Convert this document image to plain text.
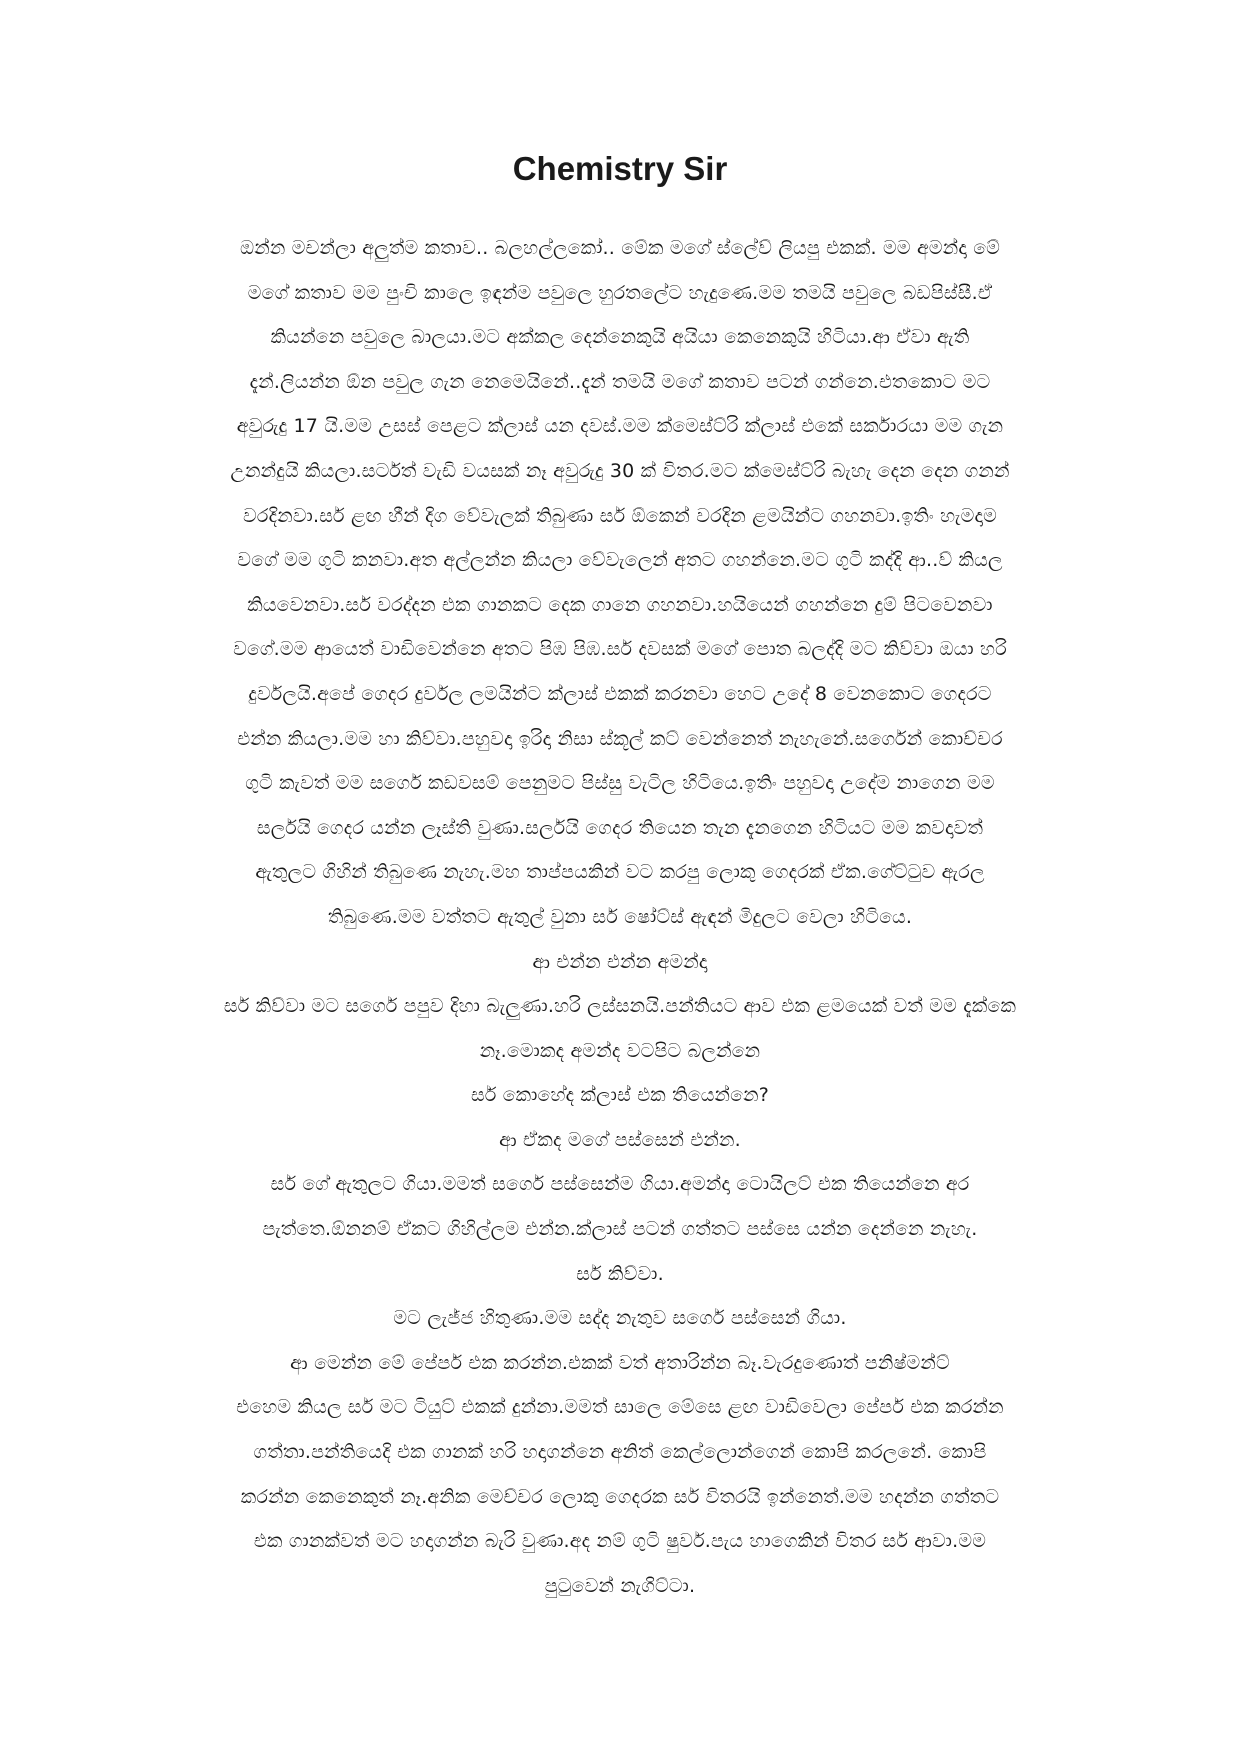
Chemistry Sir
ඔන්න මචන්ලා අලුත්ම කතාව.. බලහල්ලකෝ.. මේක මගේ ස්ලේව් ලියපු එකක්. මම අමන්දා මේ
මගේ කතාව මම පුංචි කාලෙ ඉඳන්ම පවුලෙ හුරතලේට හැදුණෙ.මම තමයි පවුලෙ බඩපිස්සී.ඒ
කියන්නෙ පවුලෙ බාලයා.මට අක්කල දෙන්නෙකුයි අයියා කෙනෙකුයි හිටියා.ආ ඒවා ඇති
දැන්.ලියන්න ඕන පවුල ගැන නෙමෙයිනේ..දැන් තමයි මගේ කතාව පටන් ගන්නෙ.එතකොට මට
අවුරුදු 17 යි.මම උසස් පෙළට ක්ලාස් යන දවස්.මම ක්මෙස්ට්රි ක්ලාස් එකේ සර්කාරයා මම ගැන
උනන්දුයි කියලා.සර්ටත් වැඩි වයසක් නෑ අවුරුදු 30 ක් විතර.මට ක්මෙස්ට්රි බැහැ දෙන දෙන ගනන්
වරදිනවා.සර් ළඟ හීන් දිග වේවැලක් තිබුණා සර් ඕකෙන් වරදින ළමයින්ට ගහනවා.ඉතිං හැමදාම
වගේ මම ගුටි කනවා.අත අල්ලන්න කියලා වේවැලෙන් අතට ගහන්නෙ.මට ගුටි කද්දි ආ..ව් කියල
කියවෙනවා.සර් වරද්දන එක ගානකට දෙක ගානෙ ගහනවා.හයියෙන් ගහන්නෙ දුම් පිටවෙනවා
වගේ.මම ආයෙත් වාඩිවෙන්නෙ අතට පිඹ පිඹ.සර් දවසක් මගේ පොත බලද්දි මට කිව්වා ඔයා හරි
දුර්වලයි.අපේ ගෙදර දුර්වල ලමයින්ට ක්ලාස් එකක් කරනවා හෙට උදේ 8 වෙනකොට ගෙදරට
එන්න කියලා.මම හා කිව්වා.පහුවදා ඉරිදා නිසා ස්කූල් කට් වෙන්නෙත් නැහැනේ.සර්ගෙන් කොච්චර
ගුටි කැවත් මම සර්ගෙ කඩවසම් පෙනුමට පිස්සු වැටිල හිටියෙ.ඉතිං පහුවදා උදේම නාගෙන මම
සර්ලයි ගෙදර යන්න ලෑස්ති වුණා.සර්ලයි ගෙදර තියෙන තැන දැනගෙන හිටියට මම කවදාවත්
ඇතුලට ගිහින් තිබුණෙ නැහැ.මහ තාප්පයකින් වට කරපු ලොකු ගෙදරක් ඒක.ගේට්ටුව ඇරල
තිබුණෙ.මම වත්තට ඇතුල් වුනා සර් ෂෝට්ස් ඇඳන් මිදුලට වෙලා හිටියෙ.
ආ එන්න එන්න අමන්දා
සර් කිව්වා මට සර්ගෙ පපුව දිහා බැලුණා.හරි ලස්සනයි.පන්තියට ආව එක ළමයෙක් වත් මම දැක්කෙ
නෑ.මොකද අමන්ද වටපිට බලන්නෙ
සර් කොහේද ක්ලාස් එක තියෙන්නෙ?
ආ ඒකද මගේ පස්සෙන් එන්න.
සර් ගේ ඇතුලට ගියා.මමත් සර්ගෙ පස්සෙන්ම ගියා.අමන්දා ටොයිලට් එක තියෙන්නෙ අර
පැත්තෙ.ඕනනම් ඒකට ගිහිල්ලම එන්න.ක්ලාස් පටන් ගත්තට පස්සෙ යන්න දෙන්නෙ නැහැ.
සර් කිව්වා.
මට ලැජ්ජ හිතුණා.මම සද්ද නැතුව සර්ගෙ පස්සෙන් ගියා.
ආ මෙන්න මේ පේපර් එක කරන්න.එකක් වත් අතාරින්න බෑ.වැරදුණොත් පනිෂ්මන්ට්
එහෙම කියල සර් මට ටියුට් එකක් දුන්නා.මමත් සාලෙ මේසෙ ළඟ වාඩිවෙලා පේපර් එක කරන්න
ගත්තා.පන්තියෙදි එක ගානක් හරි හදාගන්නෙ අනිත් කෙල්ලොන්ගෙන් කොපි කරලනේ. කොපි
කරන්න කෙනෙකුත් නෑ.අනික මෙච්චර ලොකු ගෙදරක සර් විතරයි ඉන්නෙත්.මම හදන්න ගත්තට
එක ගානක්වත් මට හදාගන්න බැරි වුණා.අද නම් ගුටි ෂුවර්.පැය හාගෙකින් විතර සර් ආවා.මම
පුටුවෙන් නැගිට්ටා.
